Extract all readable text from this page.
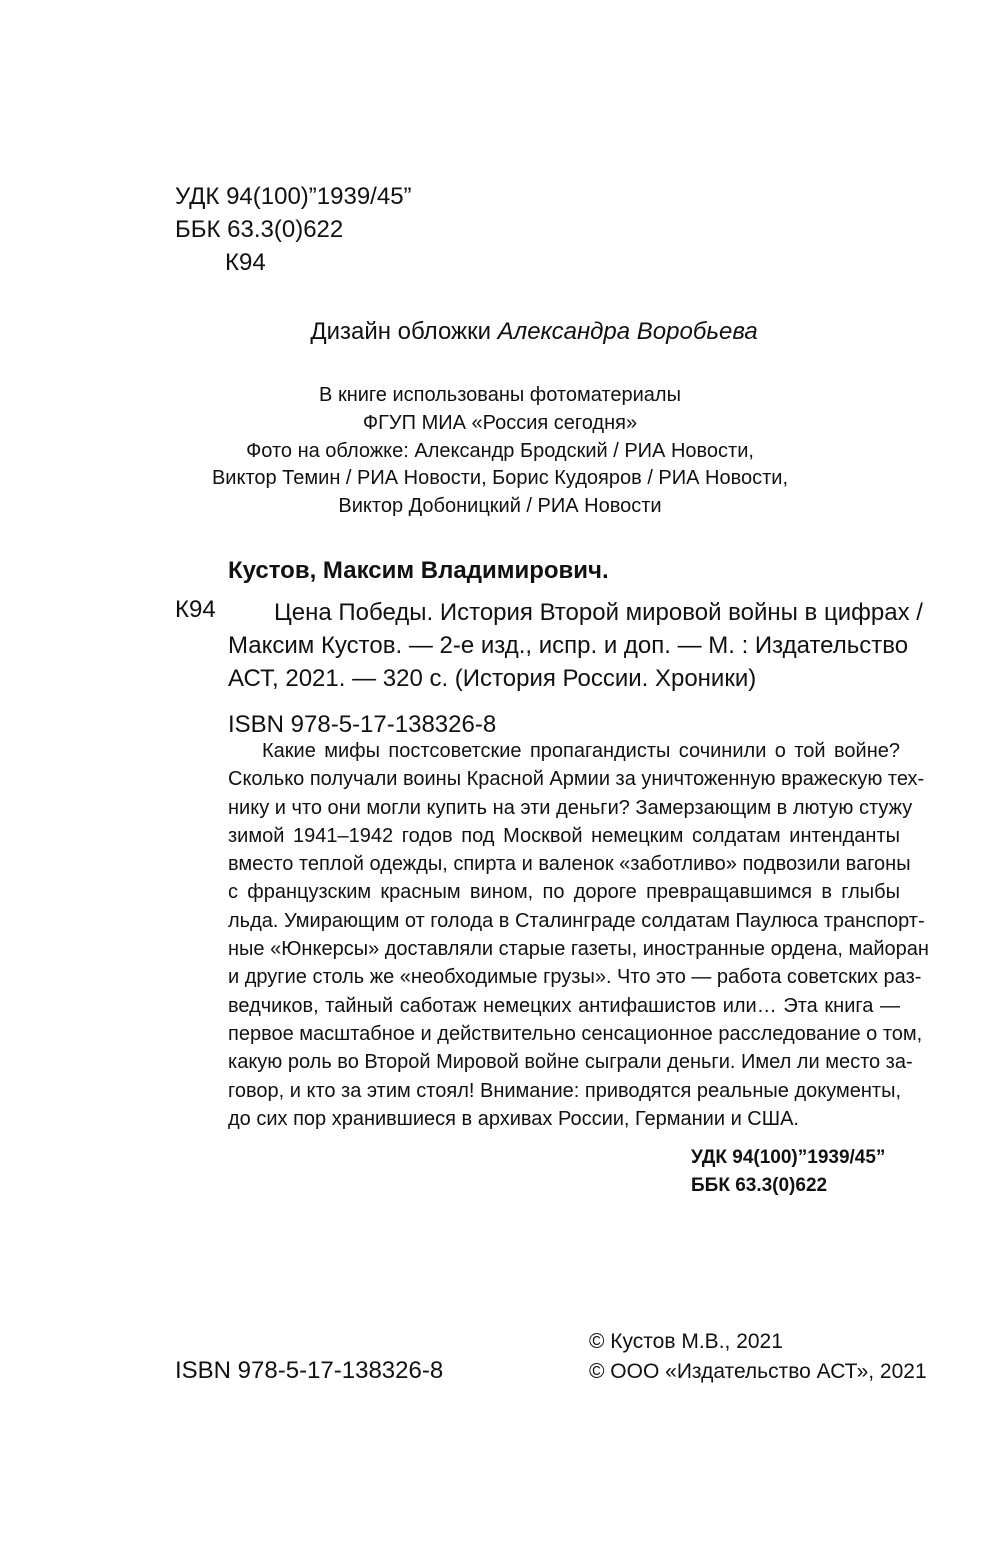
УДК 94(100)”1939/45”
ББК 63.3(0)622
К94
Дизайн обложки Александра Воробьева
В книге использованы фотоматериалы
ФГУП МИА «Россия сегодня»
Фото на обложке: Александр Бродский / РИА Новости,
Виктор Темин / РИА Новости, Борис Кудояров / РИА Новости,
Виктор Добоницкий / РИА Новости
Кустов, Максим Владимирович.
К94	Цена Победы. История Второй мировой войны в цифрах /
Максим Кустов. — 2-е изд., испр. и доп. — М. : Издательство
АСТ, 2021. — 320 с. (История России. Хроники)
ISBN 978-5-17-138326-8
Какие мифы постсоветские пропагандисты сочинили о той войне?
Сколько получали воины Красной Армии за уничтоженную вражескую тех-
нику и что они могли купить на эти деньги? Замерзающим в лютую стужу
зимой 1941–1942 годов под Москвой немецким солдатам интенданты
вместо теплой одежды, спирта и валенок «заботливо» подвозили вагоны
с французским красным вином, по дороге превращавшимся в глыбы
льда. Умирающим от голода в Сталинграде солдатам Паулюса транспорт-
ные «Юнкерсы» доставляли старые газеты, иностранные ордена, майоран
и другие столь же «необходимые грузы». Что это — работа советских раз-
ведчиков, тайный саботаж немецких антифашистов или… Эта книга —
первое масштабное и действительно сенсационное расследование о том,
какую роль во Второй Мировой войне сыграли деньги. Имел ли место за-
говор, и кто за этим стоял! Внимание: приводятся реальные документы,
до сих пор хранившиеся в архивах России, Германии и США.
УДК 94(100)”1939/45”
ББК 63.3(0)622
ISBN 978-5-17-138326-8
© Кустов М.В., 2021
© ООО «Издательство АСТ», 2021
